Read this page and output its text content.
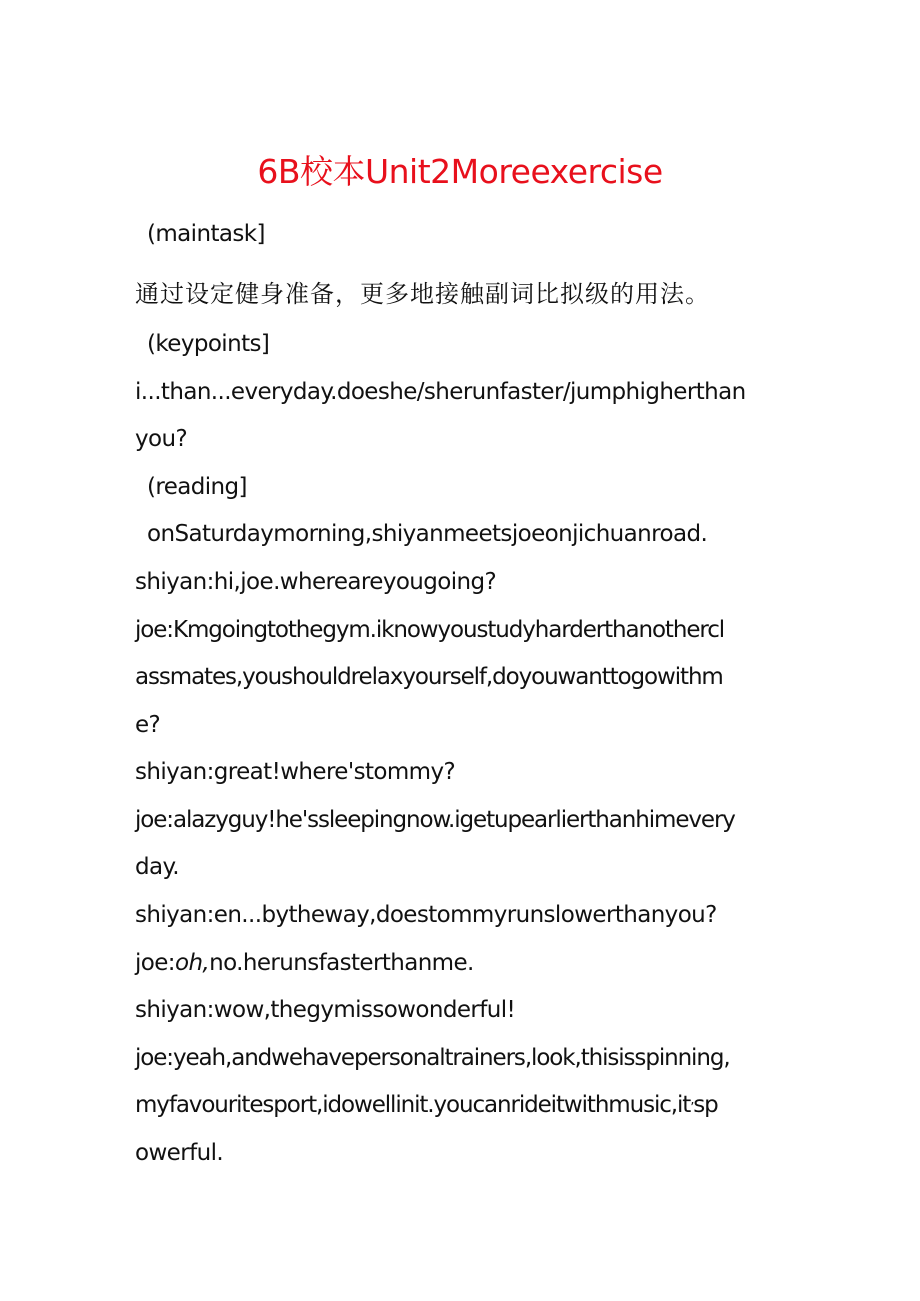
6B校本Unit2Moreexercise
(maintask]
通过设定健身准备，更多地接触副词比拟级的用法。
(keypoints]
i...than...everyday.doeshe/sherunfaster/jumphigherthan
you?
(reading]
onSaturdaymorning,shiyanmeetsjoeonjichuanroad.
shiyan:hi,joe.whereareyougoing?
joe:Kmgoingtothegym.iknowyoustudyharderthanothercl
assmates,youshouldrelaxyourself,doyouwanttogowithm
e?
shiyan:great!where'stommy?
joe:alazyguy!he'ssleepingnow.igetupearlierthanhimevery
day.
shiyan:en...bytheway,doestommyrunslowerthanyou?
joe:oh,no.herunsfasterthanme.
shiyan:wow,thegymissowonderful!
joe:yeah,andwehavepersonaltrainers,look,thisisspinning,
myfavouritesport,idowellinit.youcanrideitwithmusic,it’sp
owerful.
